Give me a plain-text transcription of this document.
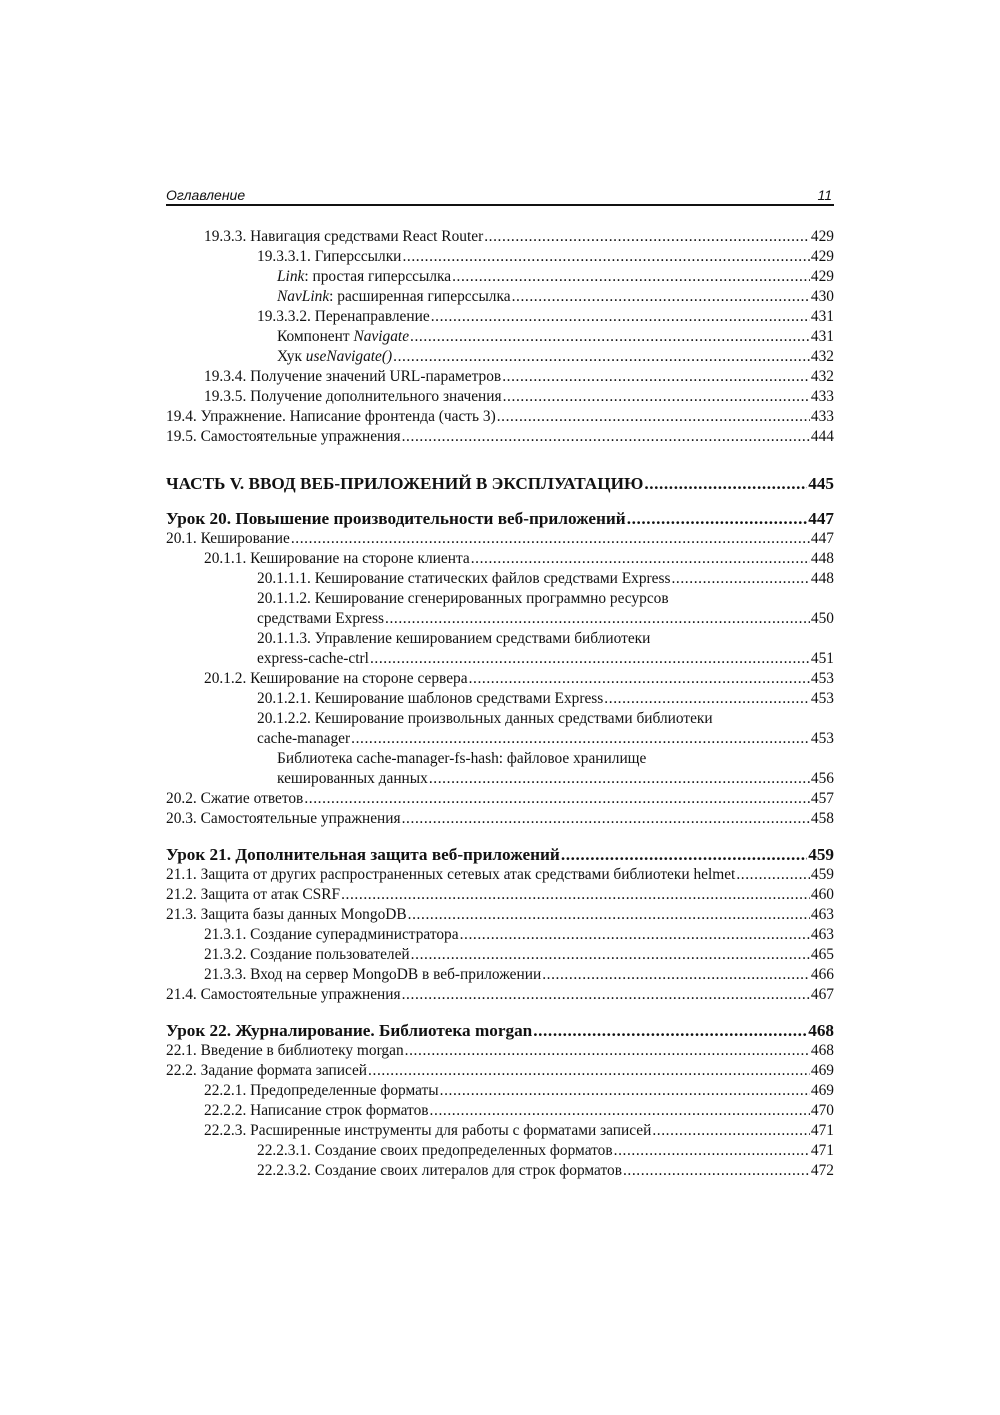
Оглавление	11
19.3.3. Навигация средствами React Router .....	429
19.3.3.1. Гиперссылки .....	429
Link: простая гиперссылка .....	429
NavLink: расширенная гиперссылка .....	430
19.3.3.2. Перенаправление .....	431
Компонент Navigate .....	431
Хук useNavigate() .....	432
19.3.4. Получение значений URL-параметров .....	432
19.3.5. Получение дополнительного значения .....	433
19.4. Упражнение. Написание фронтенда (часть 3) .....	433
19.5. Самостоятельные упражнения .....	444
ЧАСТЬ V. ВВОД ВЕБ-ПРИЛОЖЕНИЙ В ЭКСПЛУАТАЦИЮ .....	445
Урок 20. Повышение производительности веб-приложений .....	447
20.1. Кеширование .....	447
20.1.1. Кеширование на стороне клиента .....	448
20.1.1.1. Кеширование статических файлов средствами Express .....	448
20.1.1.2. Кеширование сгенерированных программно ресурсов
средствами Express .....	450
20.1.1.3. Управление кешированием средствами библиотеки
express-cache-ctrl .....	451
20.1.2. Кеширование на стороне сервера .....	453
20.1.2.1. Кеширование шаблонов средствами Express .....	453
20.1.2.2. Кеширование произвольных данных средствами библиотеки
cache-manager .....	453
Библиотека cache-manager-fs-hash: файловое хранилище
кешированных данных .....	456
20.2. Сжатие ответов .....	457
20.3. Самостоятельные упражнения .....	458
Урок 21. Дополнительная защита веб-приложений .....	459
21.1. Защита от других распространенных сетевых атак средствами библиотеки helmet .....	459
21.2. Защита от атак CSRF .....	460
21.3. Защита базы данных MongoDB .....	463
21.3.1. Создание суперадминистратора .....	463
21.3.2. Создание пользователей .....	465
21.3.3. Вход на сервер MongoDB в веб-приложении .....	466
21.4. Самостоятельные упражнения .....	467
Урок 22. Журналирование. Библиотека morgan .....	468
22.1. Введение в библиотеку morgan .....	468
22.2. Задание формата записей .....	469
22.2.1. Предопределенные форматы .....	469
22.2.2. Написание строк форматов .....	470
22.2.3. Расширенные инструменты для работы с форматами записей .....	471
22.2.3.1. Создание своих предопределенных форматов .....	471
22.2.3.2. Создание своих литералов для строк форматов .....	472
